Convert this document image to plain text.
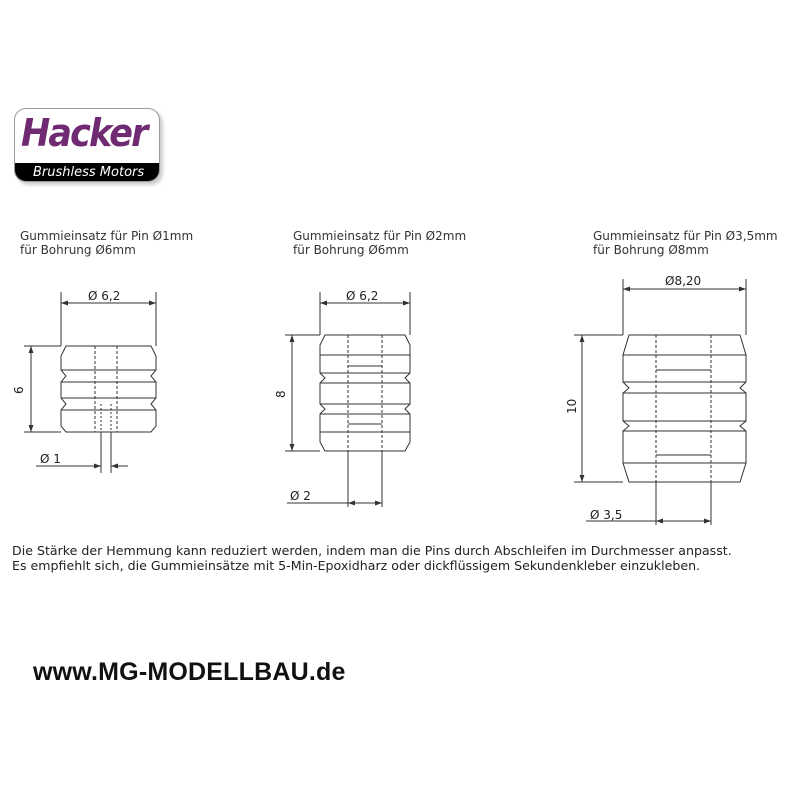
Hacker
Brushless Motors
Gummieinsatz für Pin Ø1mm
für Bohrung Ø6mm
Gummieinsatz für Pin Ø2mm
für Bohrung Ø6mm
Gummieinsatz für Pin Ø3,5mm
für Bohrung Ø8mm
Ø 6,2
6
Ø 1
Ø 6,2
8
Ø 2
Ø8,20
10
Ø 3,5
Die Stärke der Hemmung kann reduziert werden, indem man die Pins durch Abschleifen im Durchmesser anpasst.
Es empfiehlt sich, die Gummieinsätze mit 5-Min-Epoxidharz oder dickflüssigem Sekundenkleber einzukleben.
www.MG-MODELLBAU.de
